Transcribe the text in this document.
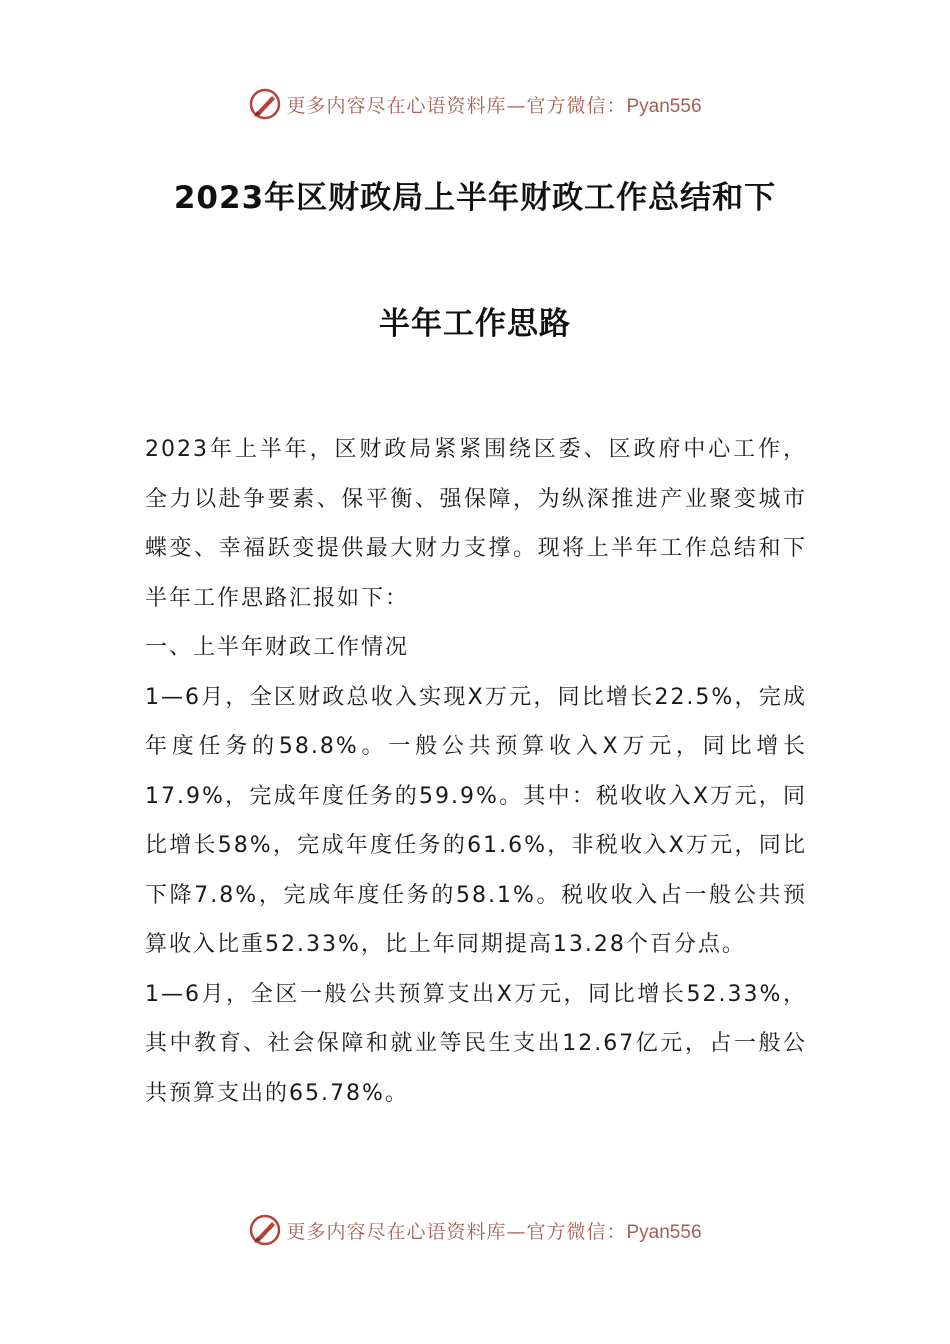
更多内容尽在心语资料库—官方微信：Pyan556
2023年区财政局上半年财政工作总结和下
半年工作思路

2023年上半年，区财政局紧紧围绕区委、区政府中心工作，全力以赴争要素、保平衡、强保障，为纵深推进产业聚变城市蝶变、幸福跃变提供最大财力支撑。现将上半年工作总结和下半年工作思路汇报如下：

一、上半年财政工作情况

1—6月，全区财政总收入实现X万元，同比增长22.5%，完成年度任务的58.8%。一般公共预算收入X万元，同比增长17.9%，完成年度任务的59.9%。其中：税收收入X万元，同比增长58%，完成年度任务的61.6%，非税收入X万元，同比下降7.8%，完成年度任务的58.1%。税收收入占一般公共预算收入比重52.33%，比上年同期提高13.28个百分点。

1—6月，全区一般公共预算支出X万元，同比增长52.33%，其中教育、社会保障和就业等民生支出12.67亿元，占一般公共预算支出的65.78%。

更多内容尽在心语资料库—官方微信：Pyan556
